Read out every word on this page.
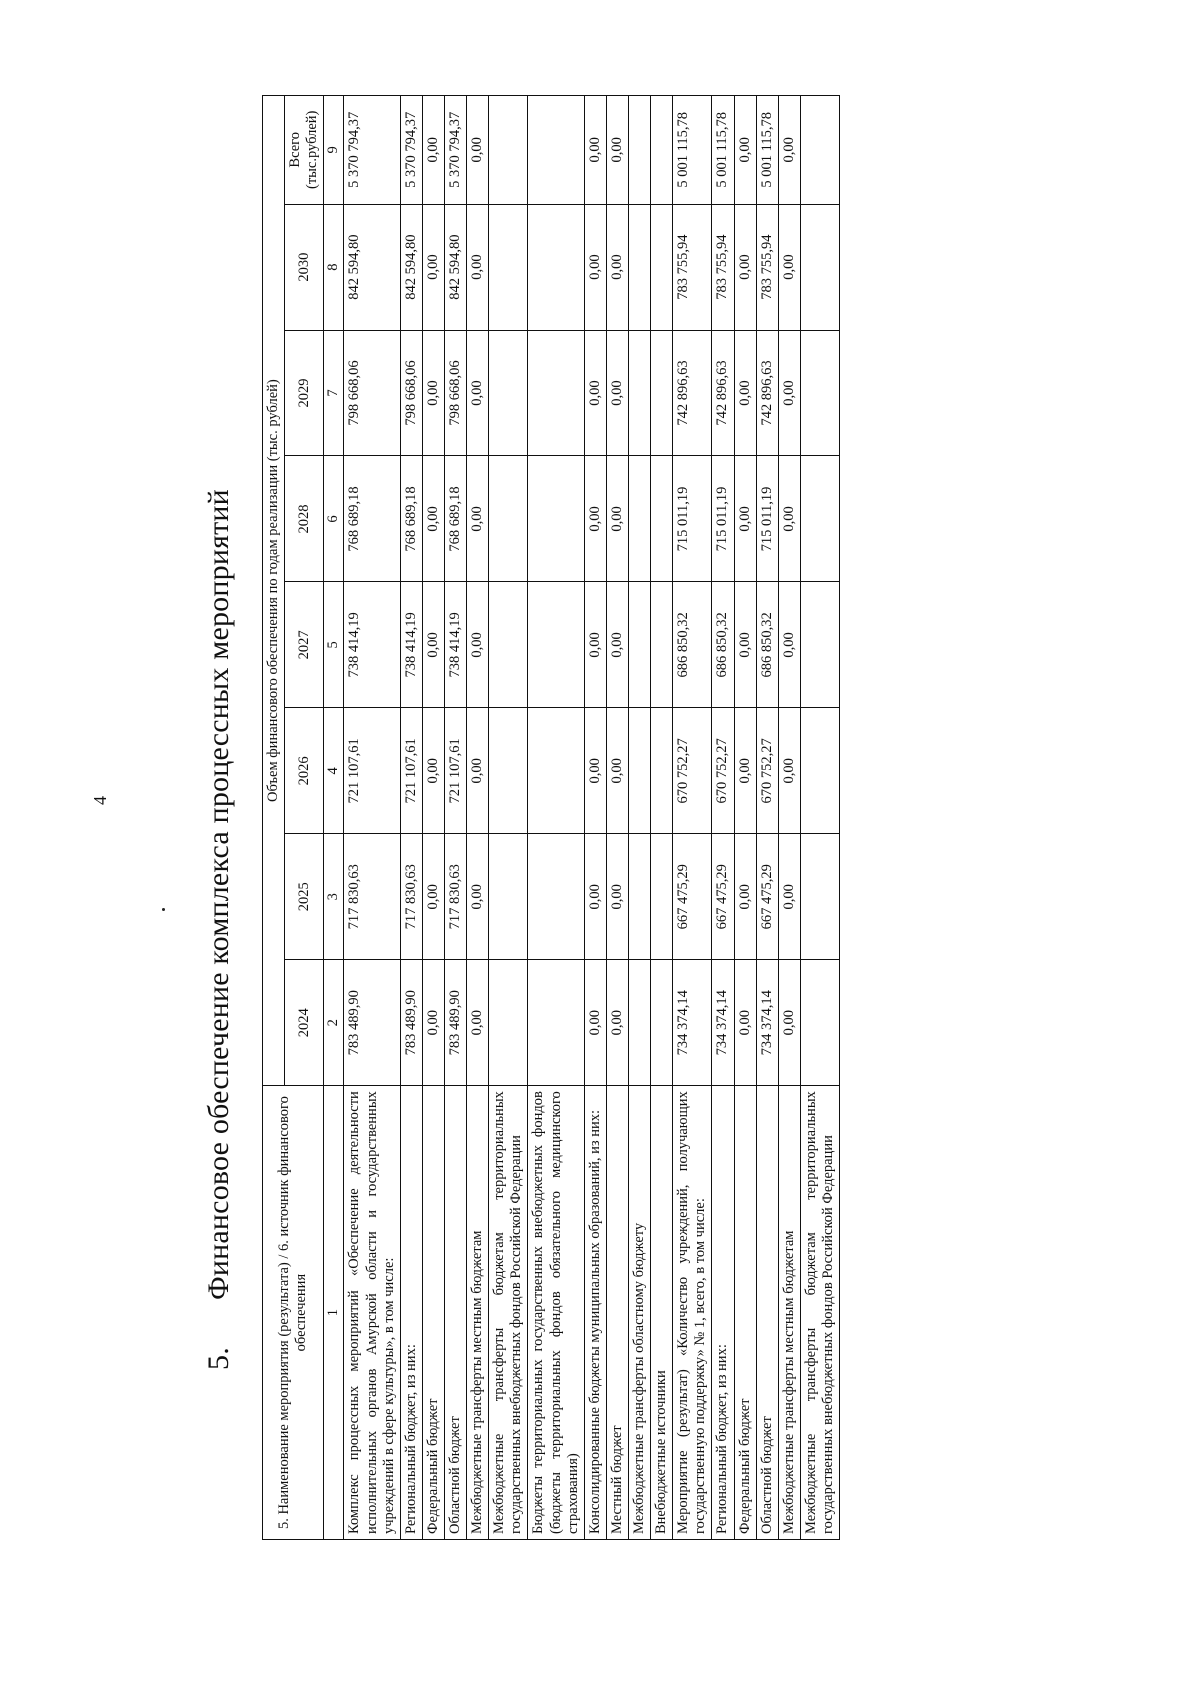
4
5.Финансовое обеспечение комплекса процессных мероприятий
5. Наименование мероприятия (результата) / 6. источник финансового обеспечения	Объем финансового обеспечения по годам реализации (тыс. рублей)							
	2024	2025	2026	2027	2028	2029	2030	Всего (тыс.рублей)
1	2	3	4	5	6	7	8	9
Комплекс процессных мероприятий «Обеспечение деятельности исполнительных органов Амурской области и государственных учреждений в сфере культуры», в том числе:	783 489,90	717 830,63	721 107,61	738 414,19	768 689,18	798 668,06	842 594,80	5 370 794,37
Региональный бюджет, из них:	783 489,90	717 830,63	721 107,61	738 414,19	768 689,18	798 668,06	842 594,80	5 370 794,37
Федеральный бюджет	0,00	0,00	0,00	0,00	0,00	0,00	0,00	0,00
Областной бюджет	783 489,90	717 830,63	721 107,61	738 414,19	768 689,18	798 668,06	842 594,80	5 370 794,37
Межбюджетные трансферты местным бюджетам	0,00	0,00	0,00	0,00	0,00	0,00	0,00	0,00
Межбюджетные трансферты бюджетам территориальных государственных внебюджетных фондов Российской Федерации								
Бюджеты территориальных государственных внебюджетных фондов (бюджеты территориальных фондов обязательного медицинского страхования)								
Консолидированные бюджеты муниципальных образований, из них:	0,00	0,00	0,00	0,00	0,00	0,00	0,00	0,00
Местный бюджет	0,00	0,00	0,00	0,00	0,00	0,00	0,00	0,00
Межбюджетные трансферты областному бюджету								
Внебюджетные источники								
Мероприятие (результат) «Количество учреждений, получающих государственную поддержку» № 1, всего, в том числе:	734 374,14	667 475,29	670 752,27	686 850,32	715 011,19	742 896,63	783 755,94	5 001 115,78
Региональный бюджет, из них:	734 374,14	667 475,29	670 752,27	686 850,32	715 011,19	742 896,63	783 755,94	5 001 115,78
Федеральный бюджет	0,00	0,00	0,00	0,00	0,00	0,00	0,00	0,00
Областной бюджет	734 374,14	667 475,29	670 752,27	686 850,32	715 011,19	742 896,63	783 755,94	5 001 115,78
Межбюджетные трансферты местным бюджетам	0,00	0,00	0,00	0,00	0,00	0,00	0,00	0,00
Межбюджетные трансферты бюджетам территориальных государственных внебюджетных фондов Российской Федерации								
